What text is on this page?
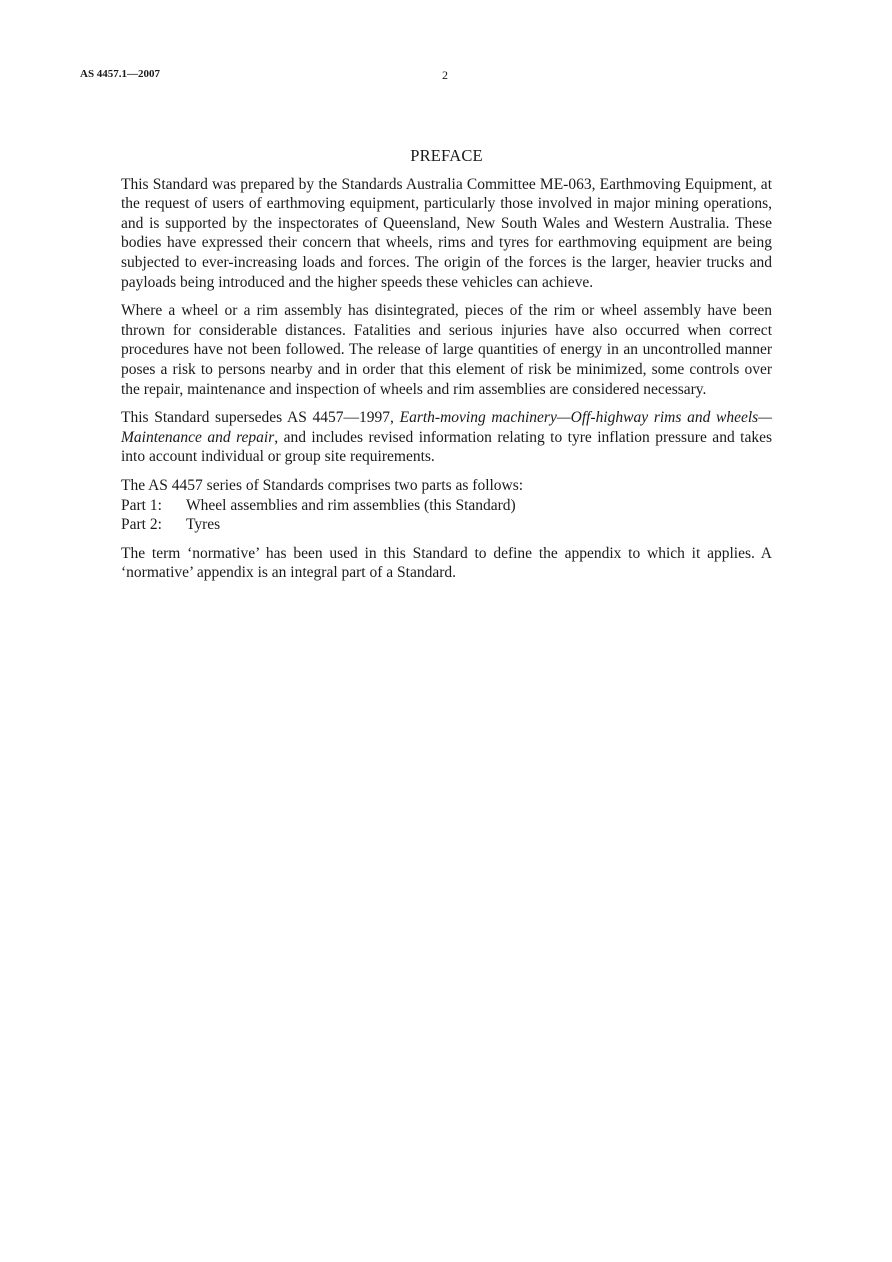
AS 4457.1—2007	2
PREFACE

This Standard was prepared by the Standards Australia Committee ME-063, Earthmoving Equipment, at the request of users of earthmoving equipment, particularly those involved in major mining operations, and is supported by the inspectorates of Queensland, New South Wales and Western Australia. These bodies have expressed their concern that wheels, rims and tyres for earthmoving equipment are being subjected to ever-increasing loads and forces. The origin of the forces is the larger, heavier trucks and payloads being introduced and the higher speeds these vehicles can achieve.

Where a wheel or a rim assembly has disintegrated, pieces of the rim or wheel assembly have been thrown for considerable distances. Fatalities and serious injuries have also occurred when correct procedures have not been followed. The release of large quantities of energy in an uncontrolled manner poses a risk to persons nearby and in order that this element of risk be minimized, some controls over the repair, maintenance and inspection of wheels and rim assemblies are considered necessary.

This Standard supersedes AS 4457—1997, Earth-moving machinery—Off-highway rims and wheels—Maintenance and repair, and includes revised information relating to tyre inflation pressure and takes into account individual or group site requirements.

The AS 4457 series of Standards comprises two parts as follows:
Part 1:	Wheel assemblies and rim assemblies (this Standard)
Part 2:	Tyres

The term ‘normative’ has been used in this Standard to define the appendix to which it applies. A ‘normative’ appendix is an integral part of a Standard.
